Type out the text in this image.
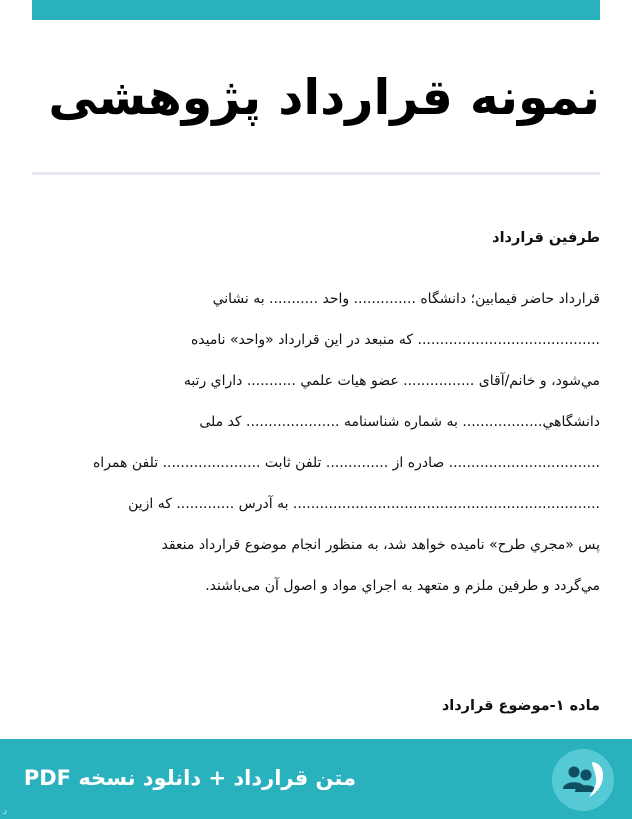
نمونه قرارداد پژوهشی
طرفین قرارداد
قرارداد حاضر فیمابین؛ دانشگاه .............. واحد ........... به نشاني
......................................... كه منبعد در اين قرارداد «واحد» ناميده
مي‌شود، و خانم/آقاى ................ عضو هيات علمي ........... داراي رتبه
دانشگاهي.................. به شماره شناسنامه ..................... كد ملى
.................................. صادره از .............. تلفن ثابت ...................... تلفن همراه
..................................................................... به آدرس ............. كه ازين
پس «مجري طرح» ناميده خواهد شد، به منظور انجام موضوع قرارداد منعقد
مي‌گردد و طرفين ملزم و متعهد به اجراي مواد و اصول آن مى‌باشند.
ماده ۱-موضوع قرارداد

متن قرارداد + دانلود نسخه PDF

ر
